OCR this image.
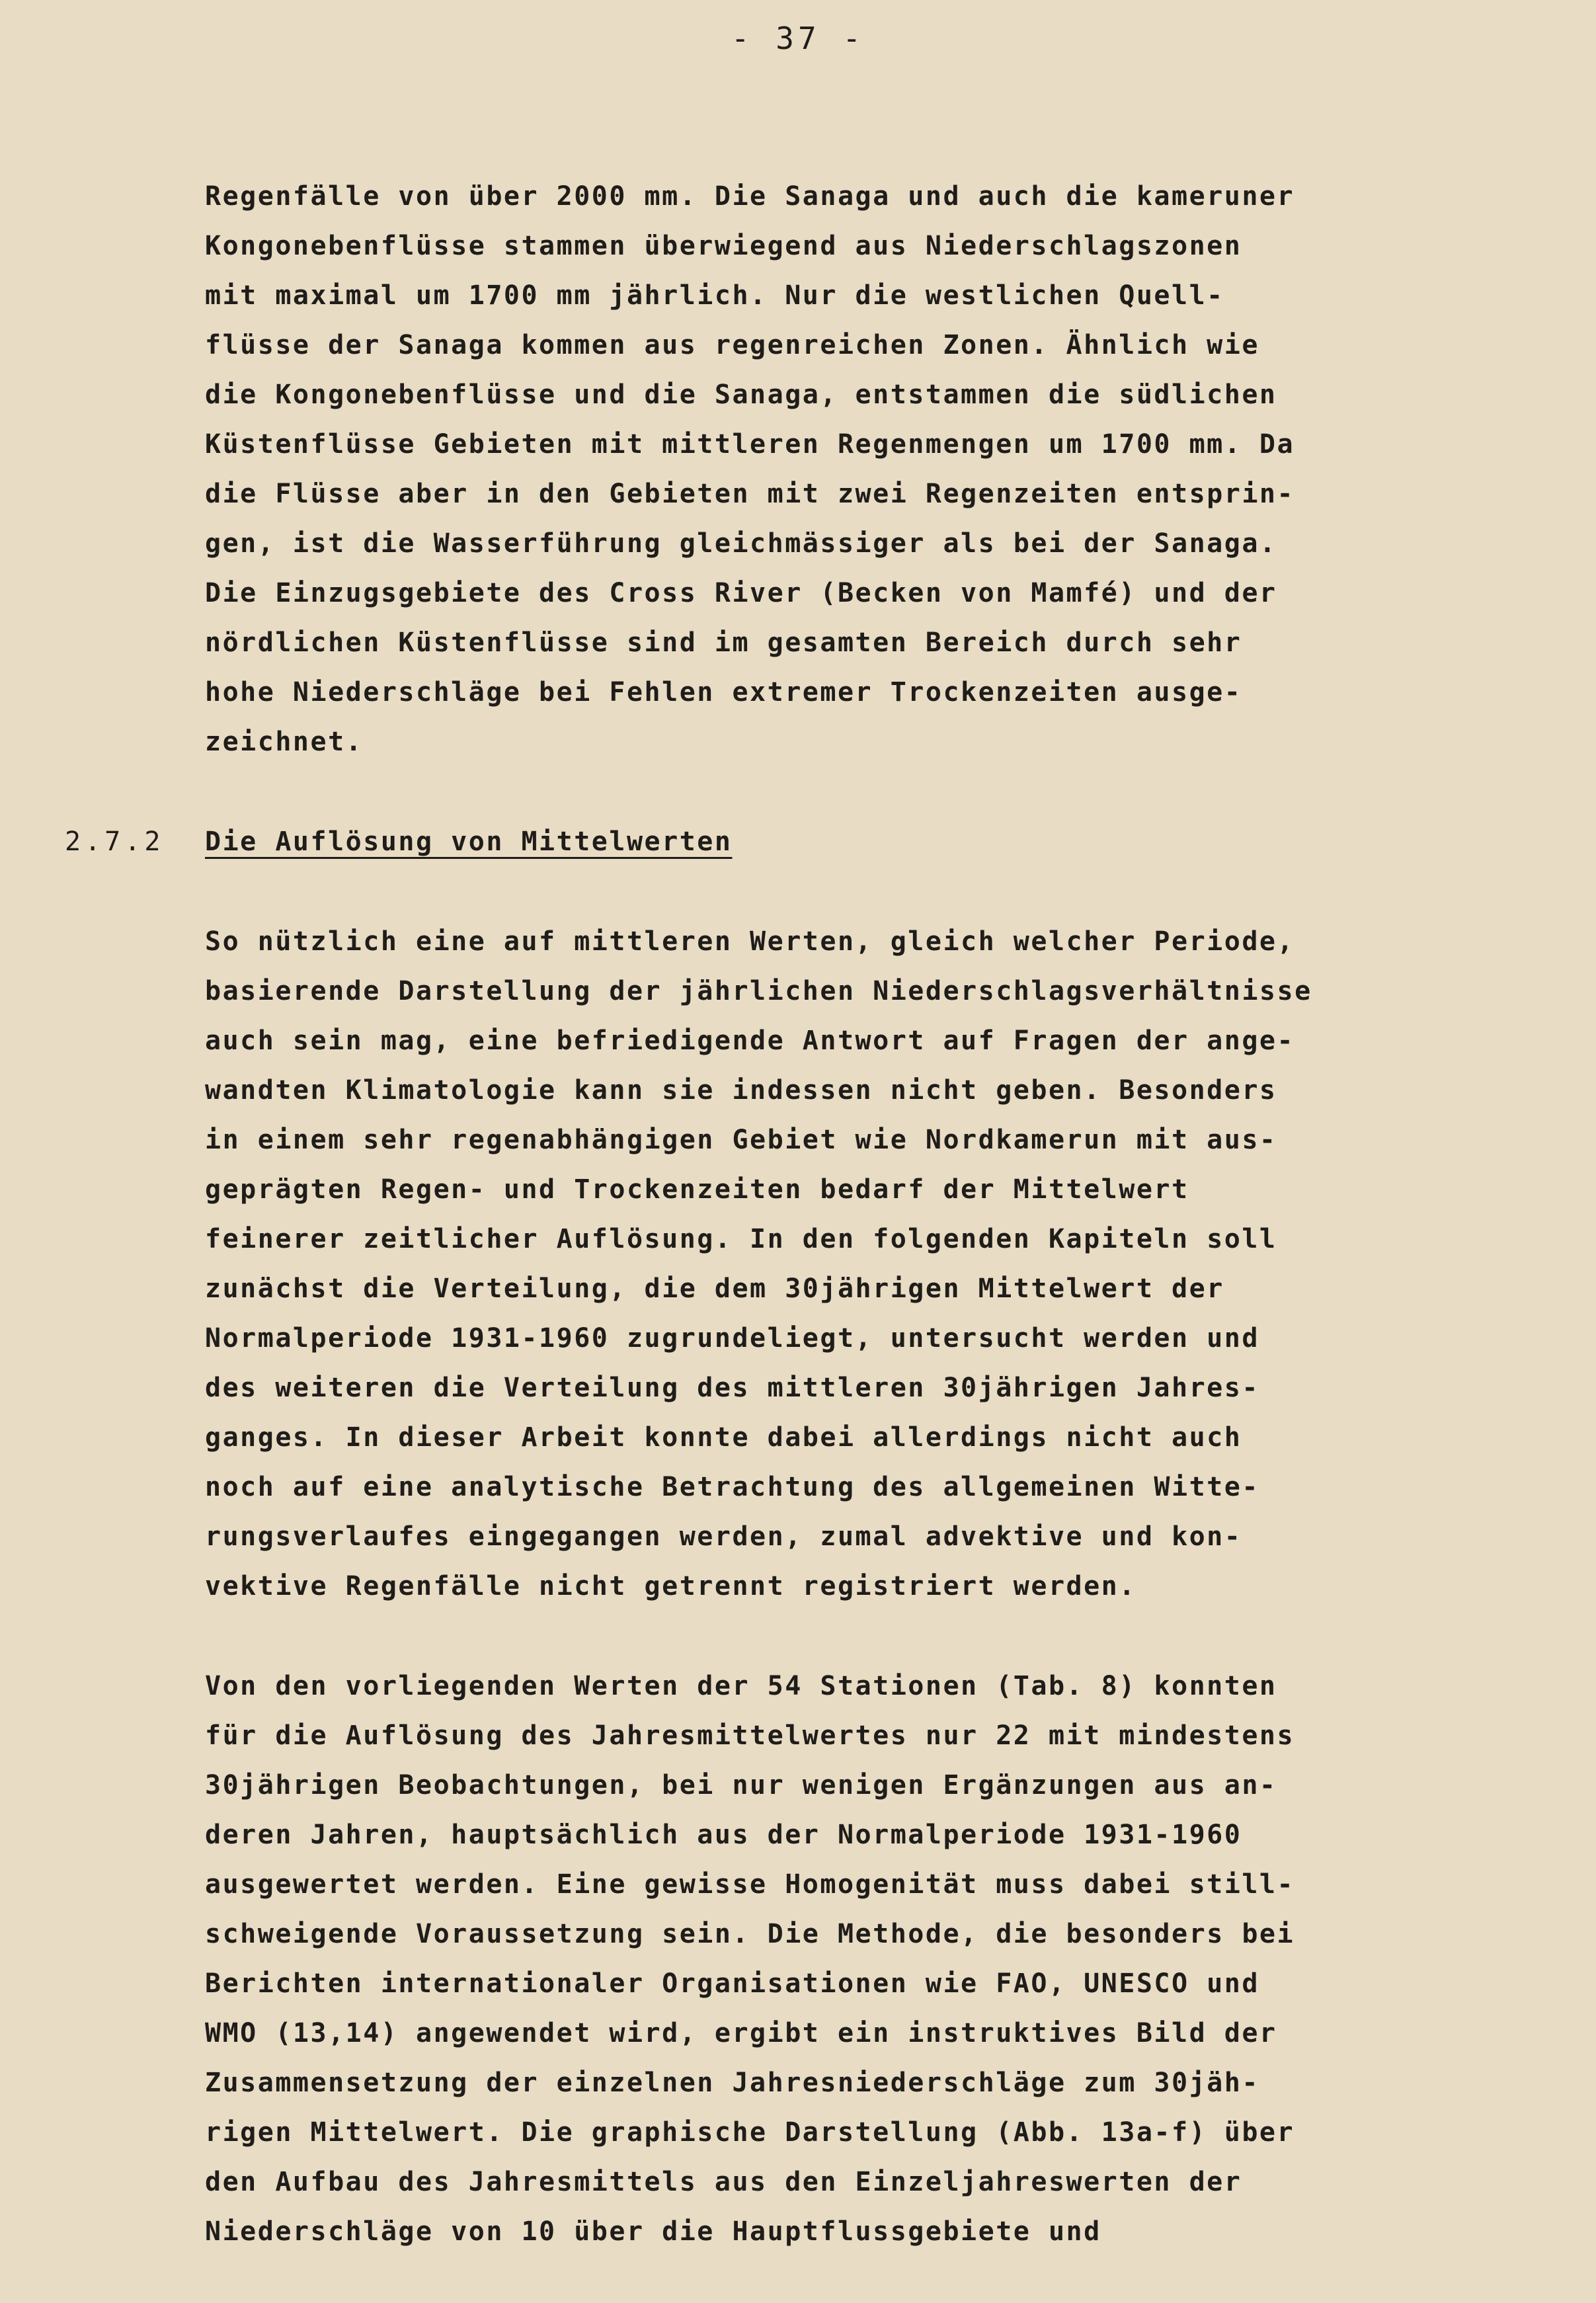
- 37 -
Regenfälle von über 2000 mm. Die Sanaga und auch die kameruner
Kongonebenflüsse stammen überwiegend aus Niederschlagszonen
mit maximal um 1700 mm jährlich. Nur die westlichen Quell-
flüsse der Sanaga kommen aus regenreichen Zonen. Ähnlich wie
die Kongonebenflüsse und die Sanaga, entstammen die südlichen
Küstenflüsse Gebieten mit mittleren Regenmengen um 1700 mm. Da
die Flüsse aber in den Gebieten mit zwei Regenzeiten entsprin-
gen, ist die Wasserführung gleichmässiger als bei der Sanaga.
Die Einzugsgebiete des Cross River (Becken von Mamfé) und der
nördlichen Küstenflüsse sind im gesamten Bereich durch sehr
hohe Niederschläge bei Fehlen extremer Trockenzeiten ausge-
zeichnet.
2.7.2 Die Auflösung von Mittelwerten
So nützlich eine auf mittleren Werten, gleich welcher Periode,
basierende Darstellung der jährlichen Niederschlagsverhältnisse
auch sein mag, eine befriedigende Antwort auf Fragen der ange-
wandten Klimatologie kann sie indessen nicht geben. Besonders
in einem sehr regenabhängigen Gebiet wie Nordkamerun mit aus-
geprägten Regen- und Trockenzeiten bedarf der Mittelwert
feinerer zeitlicher Auflösung. In den folgenden Kapiteln soll
zunächst die Verteilung, die dem 30jährigen Mittelwert der
Normalperiode 1931-1960 zugrundeliegt, untersucht werden und
des weiteren die Verteilung des mittleren 30jährigen Jahres-
ganges. In dieser Arbeit konnte dabei allerdings nicht auch
noch auf eine analytische Betrachtung des allgemeinen Witte-
rungsverlaufes eingegangen werden, zumal advektive und kon-
vektive Regenfälle nicht getrennt registriert werden.
Von den vorliegenden Werten der 54 Stationen (Tab. 8) konnten
für die Auflösung des Jahresmittelwertes nur 22 mit mindestens
30jährigen Beobachtungen, bei nur wenigen Ergänzungen aus an-
deren Jahren, hauptsächlich aus der Normalperiode 1931-1960
ausgewertet werden. Eine gewisse Homogenität muss dabei still-
schweigende Voraussetzung sein. Die Methode, die besonders bei
Berichten internationaler Organisationen wie FAO, UNESCO und
WMO (13,14) angewendet wird, ergibt ein instruktives Bild der
Zusammensetzung der einzelnen Jahresniederschläge zum 30jäh-
rigen Mittelwert. Die graphische Darstellung (Abb. 13a-f) über
den Aufbau des Jahresmittels aus den Einzeljahreswerten der
Niederschläge von 10 über die Hauptflussgebiete und
